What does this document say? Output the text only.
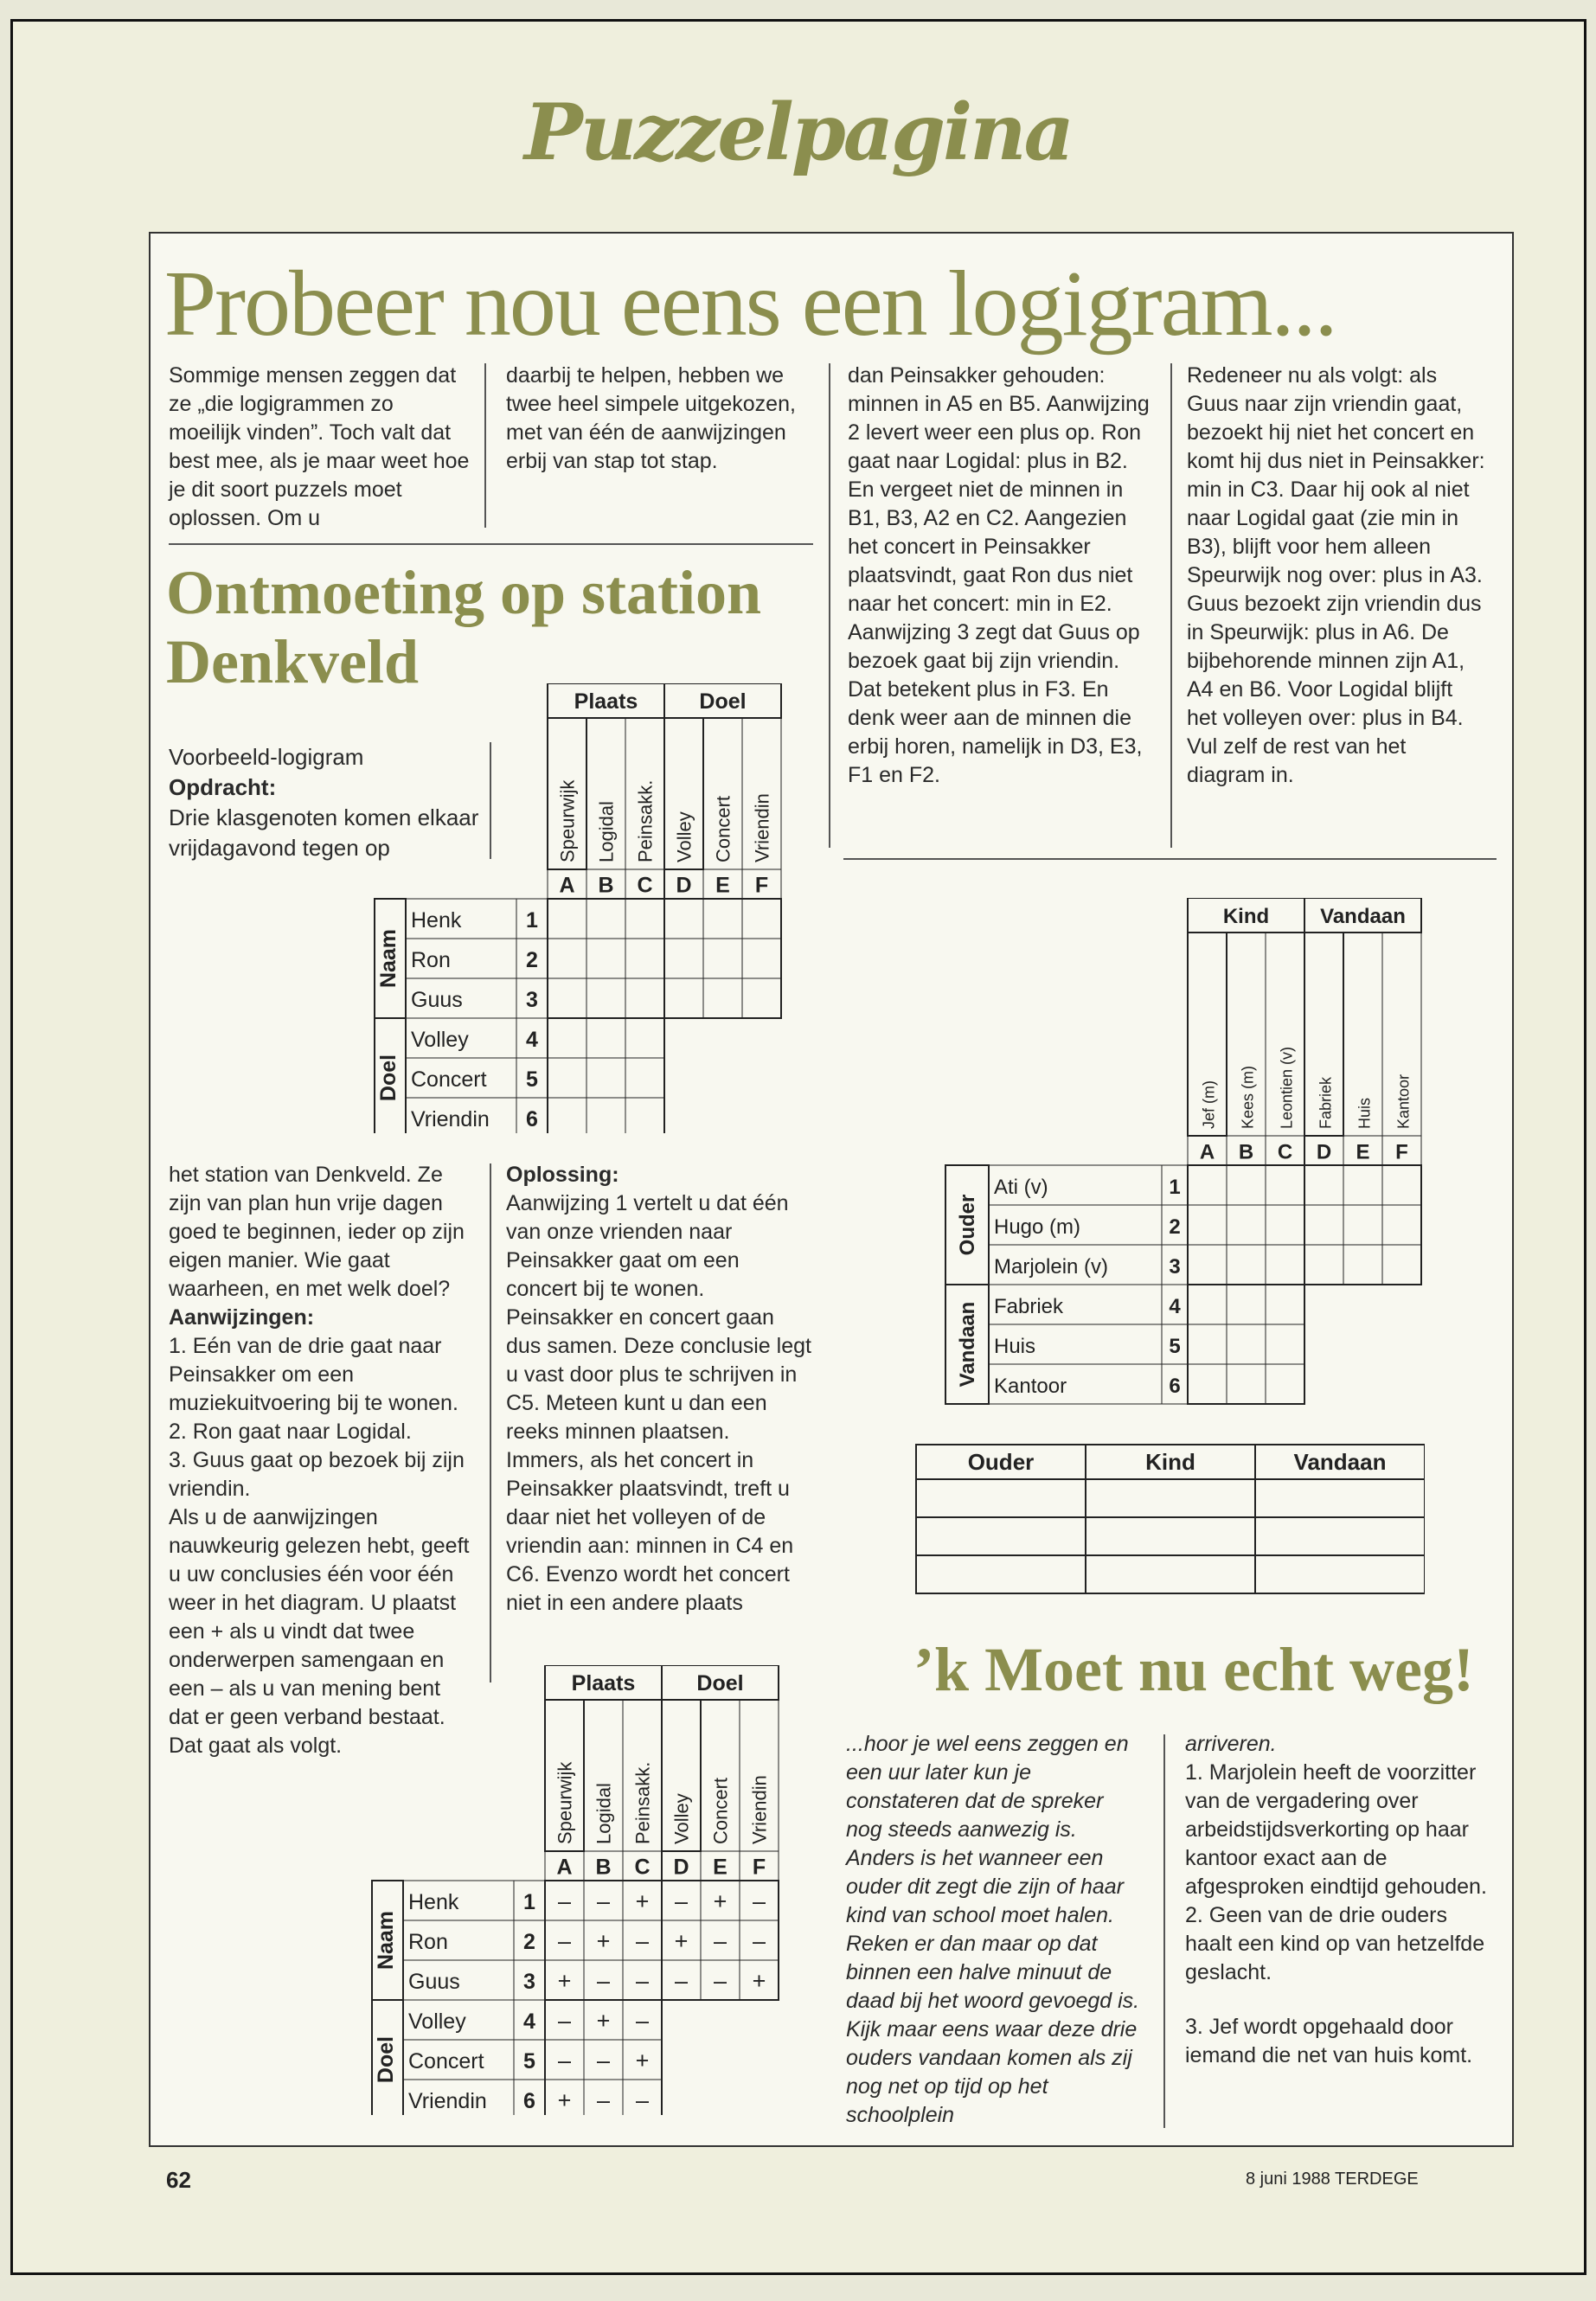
Puzzelpagina
Probeer nou eens een logigram...

Sommige mensen zeggen dat ze „die logigrammen zo moeilijk vinden”. Toch valt dat best mee, als je maar weet hoe je dit soort puzzels moet oplossen. Om u

daarbij te helpen, hebben we twee heel simpele uitgekozen, met van één de aanwijzingen erbij van stap tot stap.

dan Peinsakker gehouden: minnen in A5 en B5. Aanwijzing 2 levert weer een plus op. Ron gaat naar Logidal: plus in B2. En vergeet niet de minnen in B1, B3, A2 en C2. Aangezien het concert in Peinsakker plaatsvindt, gaat Ron dus niet naar het concert: min in E2. Aanwijzing 3 zegt dat Guus op bezoek gaat bij zijn vriendin. Dat betekent plus in F3. En denk weer aan de minnen die erbij horen, namelijk in D3, E3, F1 en F2.

Redeneer nu als volgt: als Guus naar zijn vriendin gaat, bezoekt hij niet het concert en komt hij dus niet in Peinsakker: min in C3. Daar hij ook al niet naar Logidal gaat (zie min in B3), blijft voor hem alleen Speurwijk nog over: plus in A3. Guus bezoekt zijn vriendin dus in Speurwijk: plus in A6. De bijbehorende minnen zijn A1, A4 en B6. Voor Logidal blijft het volleyen over: plus in B4. Vul zelf de rest van het diagram in.

Ontmoeting op station Denkveld

Voorbeeld-logigram

Opdracht:

Drie klasgenoten komen elkaar vrijdagavond tegen op

het station van Denkveld. Ze zijn van plan hun vrije dagen goed te beginnen, ieder op zijn eigen manier. Wie gaat waarheen, en met welk doel?

Aanwijzingen:

1. Eén van de drie gaat naar Peinsakker om een muziekuitvoering bij te wonen.

2. Ron gaat naar Logidal.

3. Guus gaat op bezoek bij zijn vriendin.

Als u de aanwijzingen nauwkeurig gelezen hebt, geeft u uw conclusies één voor één weer in het diagram. U plaatst een + als u vindt dat twee onderwerpen samengaan en een – als u van mening bent dat er geen verband bestaat. Dat gaat als volgt.

Oplossing:

Aanwijzing 1 vertelt u dat één van onze vrienden naar Peinsakker gaat om een concert bij te wonen. Peinsakker en concert gaan dus samen. Deze conclusie legt u vast door plus te schrijven in C5. Meteen kunt u dan een reeks minnen plaatsen. Immers, als het concert in Peinsakker plaatsvindt, treft u daar niet het volleyen of de vriendin aan: minnen in C4 en C6. Evenzo wordt het concert niet in een andere plaats

Plaats	Doel
Speurwijk
A
Logidal
B
Peinsakk.
C
Volley
D
Concert
E
Vriendin
F
Naam
Doel
Henk	1
Ron	2
Guus	3
Volley	4
Concert 5
Vriendin 6
Plaats	Doel
Speurwijk
A
Logidal
B
Peinsakk.
C
Volley
D
Concert
E
Vriendin
F
Naam
Doel
Henk	1 – – + – + –
Ron	2 – + – + – –
Guus	3 + – – – – +
Volley	4 – + –
Concert 5 – – +
Vriendin 6 + – –
Kind Vandaan
Jef (m)
A
Kees (m)
B
Leontien (v)
C
Fabriek
D
Huis
E
Kantoor
F
Ouder
Vandaan
Ati (v)	1
Hugo (m)	2
Marjolein (v)	3
Fabriek	4
Huis	5
Kantoor	6
Ouder	Kind	Vandaan
’k Moet nu echt weg!

...hoor je wel eens zeggen en een uur later kun je constateren dat de spreker nog steeds aanwezig is. Anders is het wanneer een ouder dit zegt die zijn of haar kind van school moet halen. Reken er dan maar op dat binnen een halve minuut de daad bij het woord gevoegd is. Kijk maar eens waar deze drie ouders vandaan komen als zij nog net op tijd op het schoolplein

arriveren.

1. Marjolein heeft de voorzitter van de vergadering over arbeidstijdsverkorting op haar kantoor exact aan de afgesproken eindtijd gehouden.

2. Geen van de drie ouders haalt een kind op van hetzelfde geslacht.

3. Jef wordt opgehaald door iemand die net van huis komt.

62	8 juni 1988 TERDEGE
